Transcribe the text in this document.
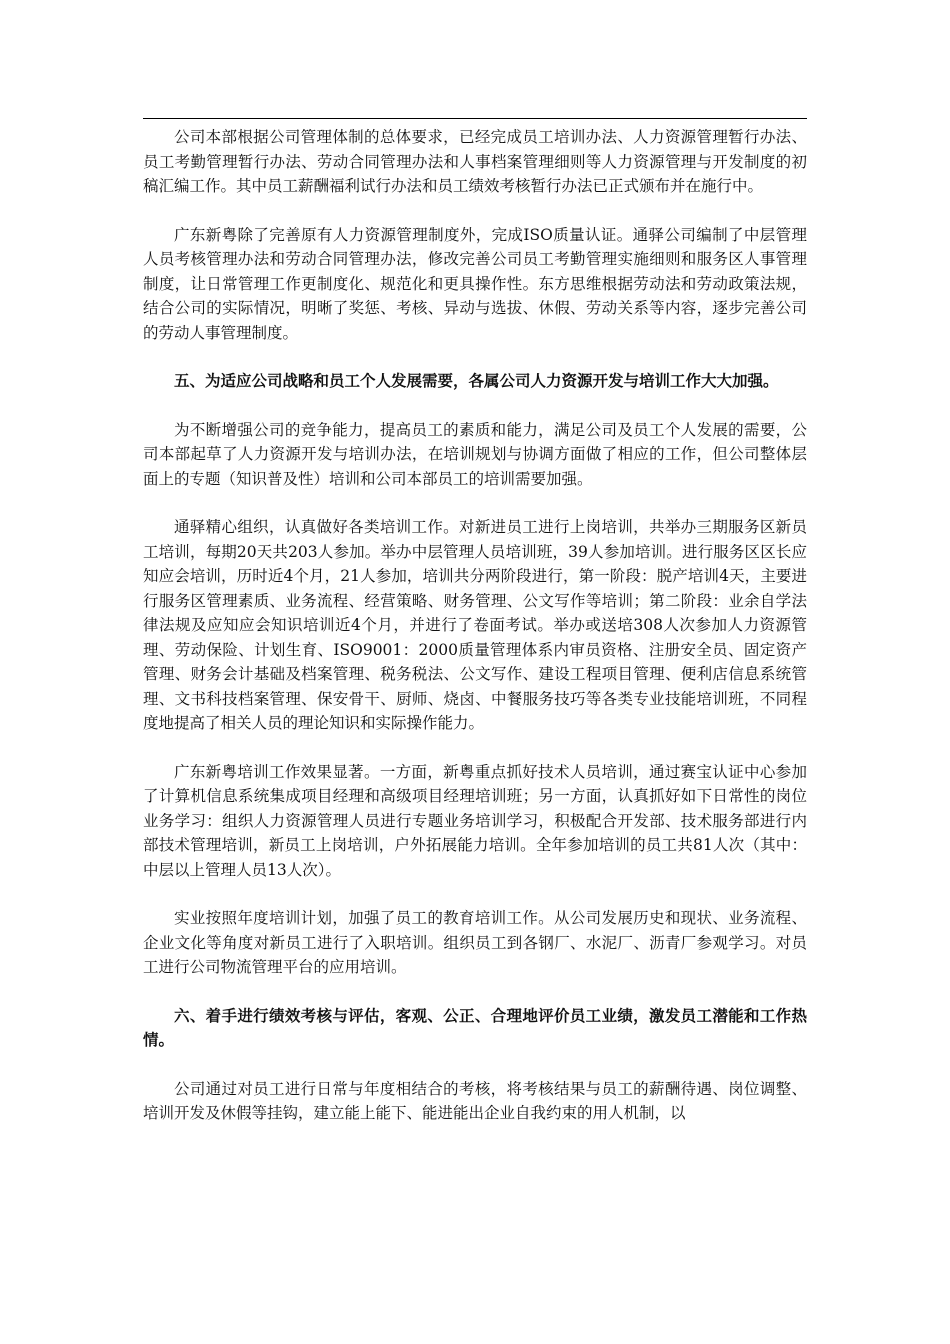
公司本部根据公司管理体制的总体要求，已经完成员工培训办法、人力资源管理暂行办法、员工考勤管理暂行办法、劳动合同管理办法和人事档案管理细则等人力资源管理与开发制度的初稿汇编工作。其中员工薪酬福利试行办法和员工绩效考核暂行办法已正式颁布并在施行中。

广东新粤除了完善原有人力资源管理制度外，完成ISO质量认证。通驿公司编制了中层管理人员考核管理办法和劳动合同管理办法，修改完善公司员工考勤管理实施细则和服务区人事管理制度，让日常管理工作更制度化、规范化和更具操作性。东方思维根据劳动法和劳动政策法规，结合公司的实际情况，明晰了奖惩、考核、异动与选拔、休假、劳动关系等内容，逐步完善公司的劳动人事管理制度。

五、为适应公司战略和员工个人发展需要，各属公司人力资源开发与培训工作大大加强。

为不断增强公司的竞争能力，提高员工的素质和能力，满足公司及员工个人发展的需要，公司本部起草了人力资源开发与培训办法，在培训规划与协调方面做了相应的工作，但公司整体层面上的专题（知识普及性）培训和公司本部员工的培训需要加强。

通驿精心组织，认真做好各类培训工作。对新进员工进行上岗培训，共举办三期服务区新员工培训，每期20天共203人参加。举办中层管理人员培训班，39人参加培训。进行服务区区长应知应会培训，历时近4个月，21人参加，培训共分两阶段进行，第一阶段：脱产培训4天，主要进行服务区管理素质、业务流程、经营策略、财务管理、公文写作等培训；第二阶段：业余自学法律法规及应知应会知识培训近4个月，并进行了卷面考试。举办或送培308人次参加人力资源管理、劳动保险、计划生育、ISO9001：2000质量管理体系内审员资格、注册安全员、固定资产管理、财务会计基础及档案管理、税务税法、公文写作、建设工程项目管理、便利店信息系统管理、文书科技档案管理、保安骨干、厨师、烧卤、中餐服务技巧等各类专业技能培训班，不同程度地提高了相关人员的理论知识和实际操作能力。

广东新粤培训工作效果显著。一方面，新粤重点抓好技术人员培训，通过赛宝认证中心参加了计算机信息系统集成项目经理和高级项目经理培训班；另一方面，认真抓好如下日常性的岗位业务学习：组织人力资源管理人员进行专题业务培训学习，积极配合开发部、技术服务部进行内部技术管理培训，新员工上岗培训，户外拓展能力培训。全年参加培训的员工共81人次（其中：中层以上管理人员13人次）。

实业按照年度培训计划，加强了员工的教育培训工作。从公司发展历史和现状、业务流程、企业文化等角度对新员工进行了入职培训。组织员工到各钢厂、水泥厂、沥青厂参观学习。对员工进行公司物流管理平台的应用培训。

六、着手进行绩效考核与评估，客观、公正、合理地评价员工业绩，激发员工潜能和工作热情。

公司通过对员工进行日常与年度相结合的考核，将考核结果与员工的薪酬待遇、岗位调整、培训开发及休假等挂钩，建立能上能下、能进能出企业自我约束的用人机制，以
